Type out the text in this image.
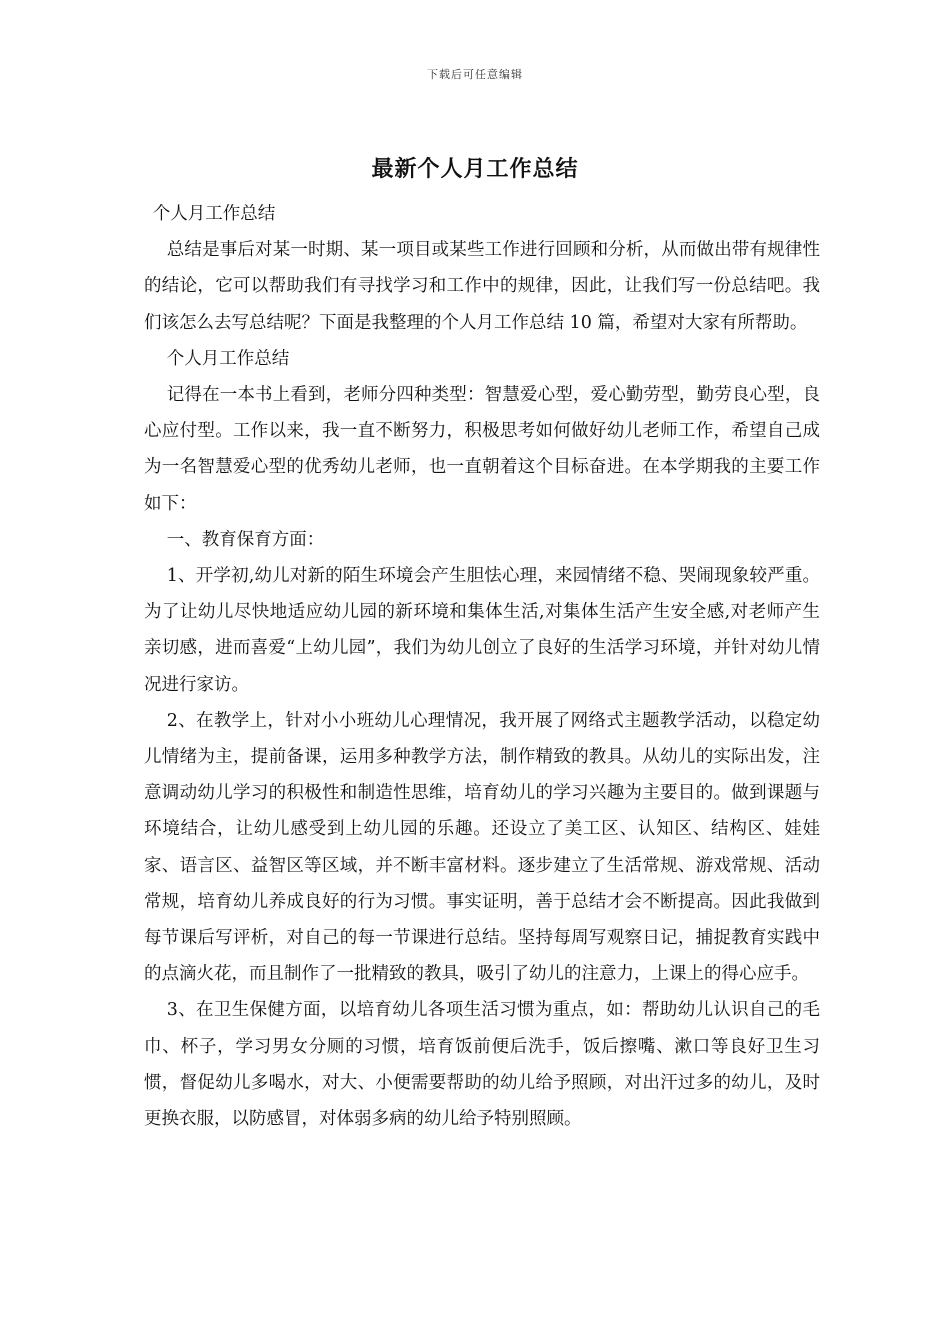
下载后可任意编辑
最新个人月工作总结

个人月工作总结

总结是事后对某一时期、某一项目或某些工作进行回顾和分析，从而做出带有规律性的结论，它可以帮助我们有寻找学习和工作中的规律，因此，让我们写一份总结吧。我们该怎么去写总结呢？下面是我整理的个人月工作总结 10 篇，希望对大家有所帮助。

个人月工作总结

记得在一本书上看到，老师分四种类型：智慧爱心型，爱心勤劳型，勤劳良心型，良心应付型。工作以来，我一直不断努力，积极思考如何做好幼儿老师工作，希望自己成为一名智慧爱心型的优秀幼儿老师，也一直朝着这个目标奋进。在本学期我的主要工作如下：

一、教育保育方面：

1、开学初,幼儿对新的陌生环境会产生胆怯心理，来园情绪不稳、哭闹现象较严重。为了让幼儿尽快地适应幼儿园的新环境和集体生活,对集体生活产生安全感,对老师产生亲切感，进而喜爱“上幼儿园”，我们为幼儿创立了良好的生活学习环境，并针对幼儿情况进行家访。

2、在教学上，针对小小班幼儿心理情况，我开展了网络式主题教学活动，以稳定幼儿情绪为主，提前备课，运用多种教学方法，制作精致的教具。从幼儿的实际出发，注意调动幼儿学习的积极性和制造性思维，培育幼儿的学习兴趣为主要目的。做到课题与环境结合，让幼儿感受到上幼儿园的乐趣。还设立了美工区、认知区、结构区、娃娃家、语言区、益智区等区域，并不断丰富材料。逐步建立了生活常规、游戏常规、活动常规，培育幼儿养成良好的行为习惯。事实证明，善于总结才会不断提高。因此我做到每节课后写评析，对自己的每一节课进行总结。坚持每周写观察日记，捕捉教育实践中的点滴火花，而且制作了一批精致的教具，吸引了幼儿的注意力，上课上的得心应手。

3、在卫生保健方面，以培育幼儿各项生活习惯为重点，如：帮助幼儿认识自己的毛巾、杯子，学习男女分厕的习惯，培育饭前便后洗手，饭后擦嘴、漱口等良好卫生习惯，督促幼儿多喝水，对大、小便需要帮助的幼儿给予照顾，对出汗过多的幼儿，及时更换衣服，以防感冒，对体弱多病的幼儿给予特别照顾。
